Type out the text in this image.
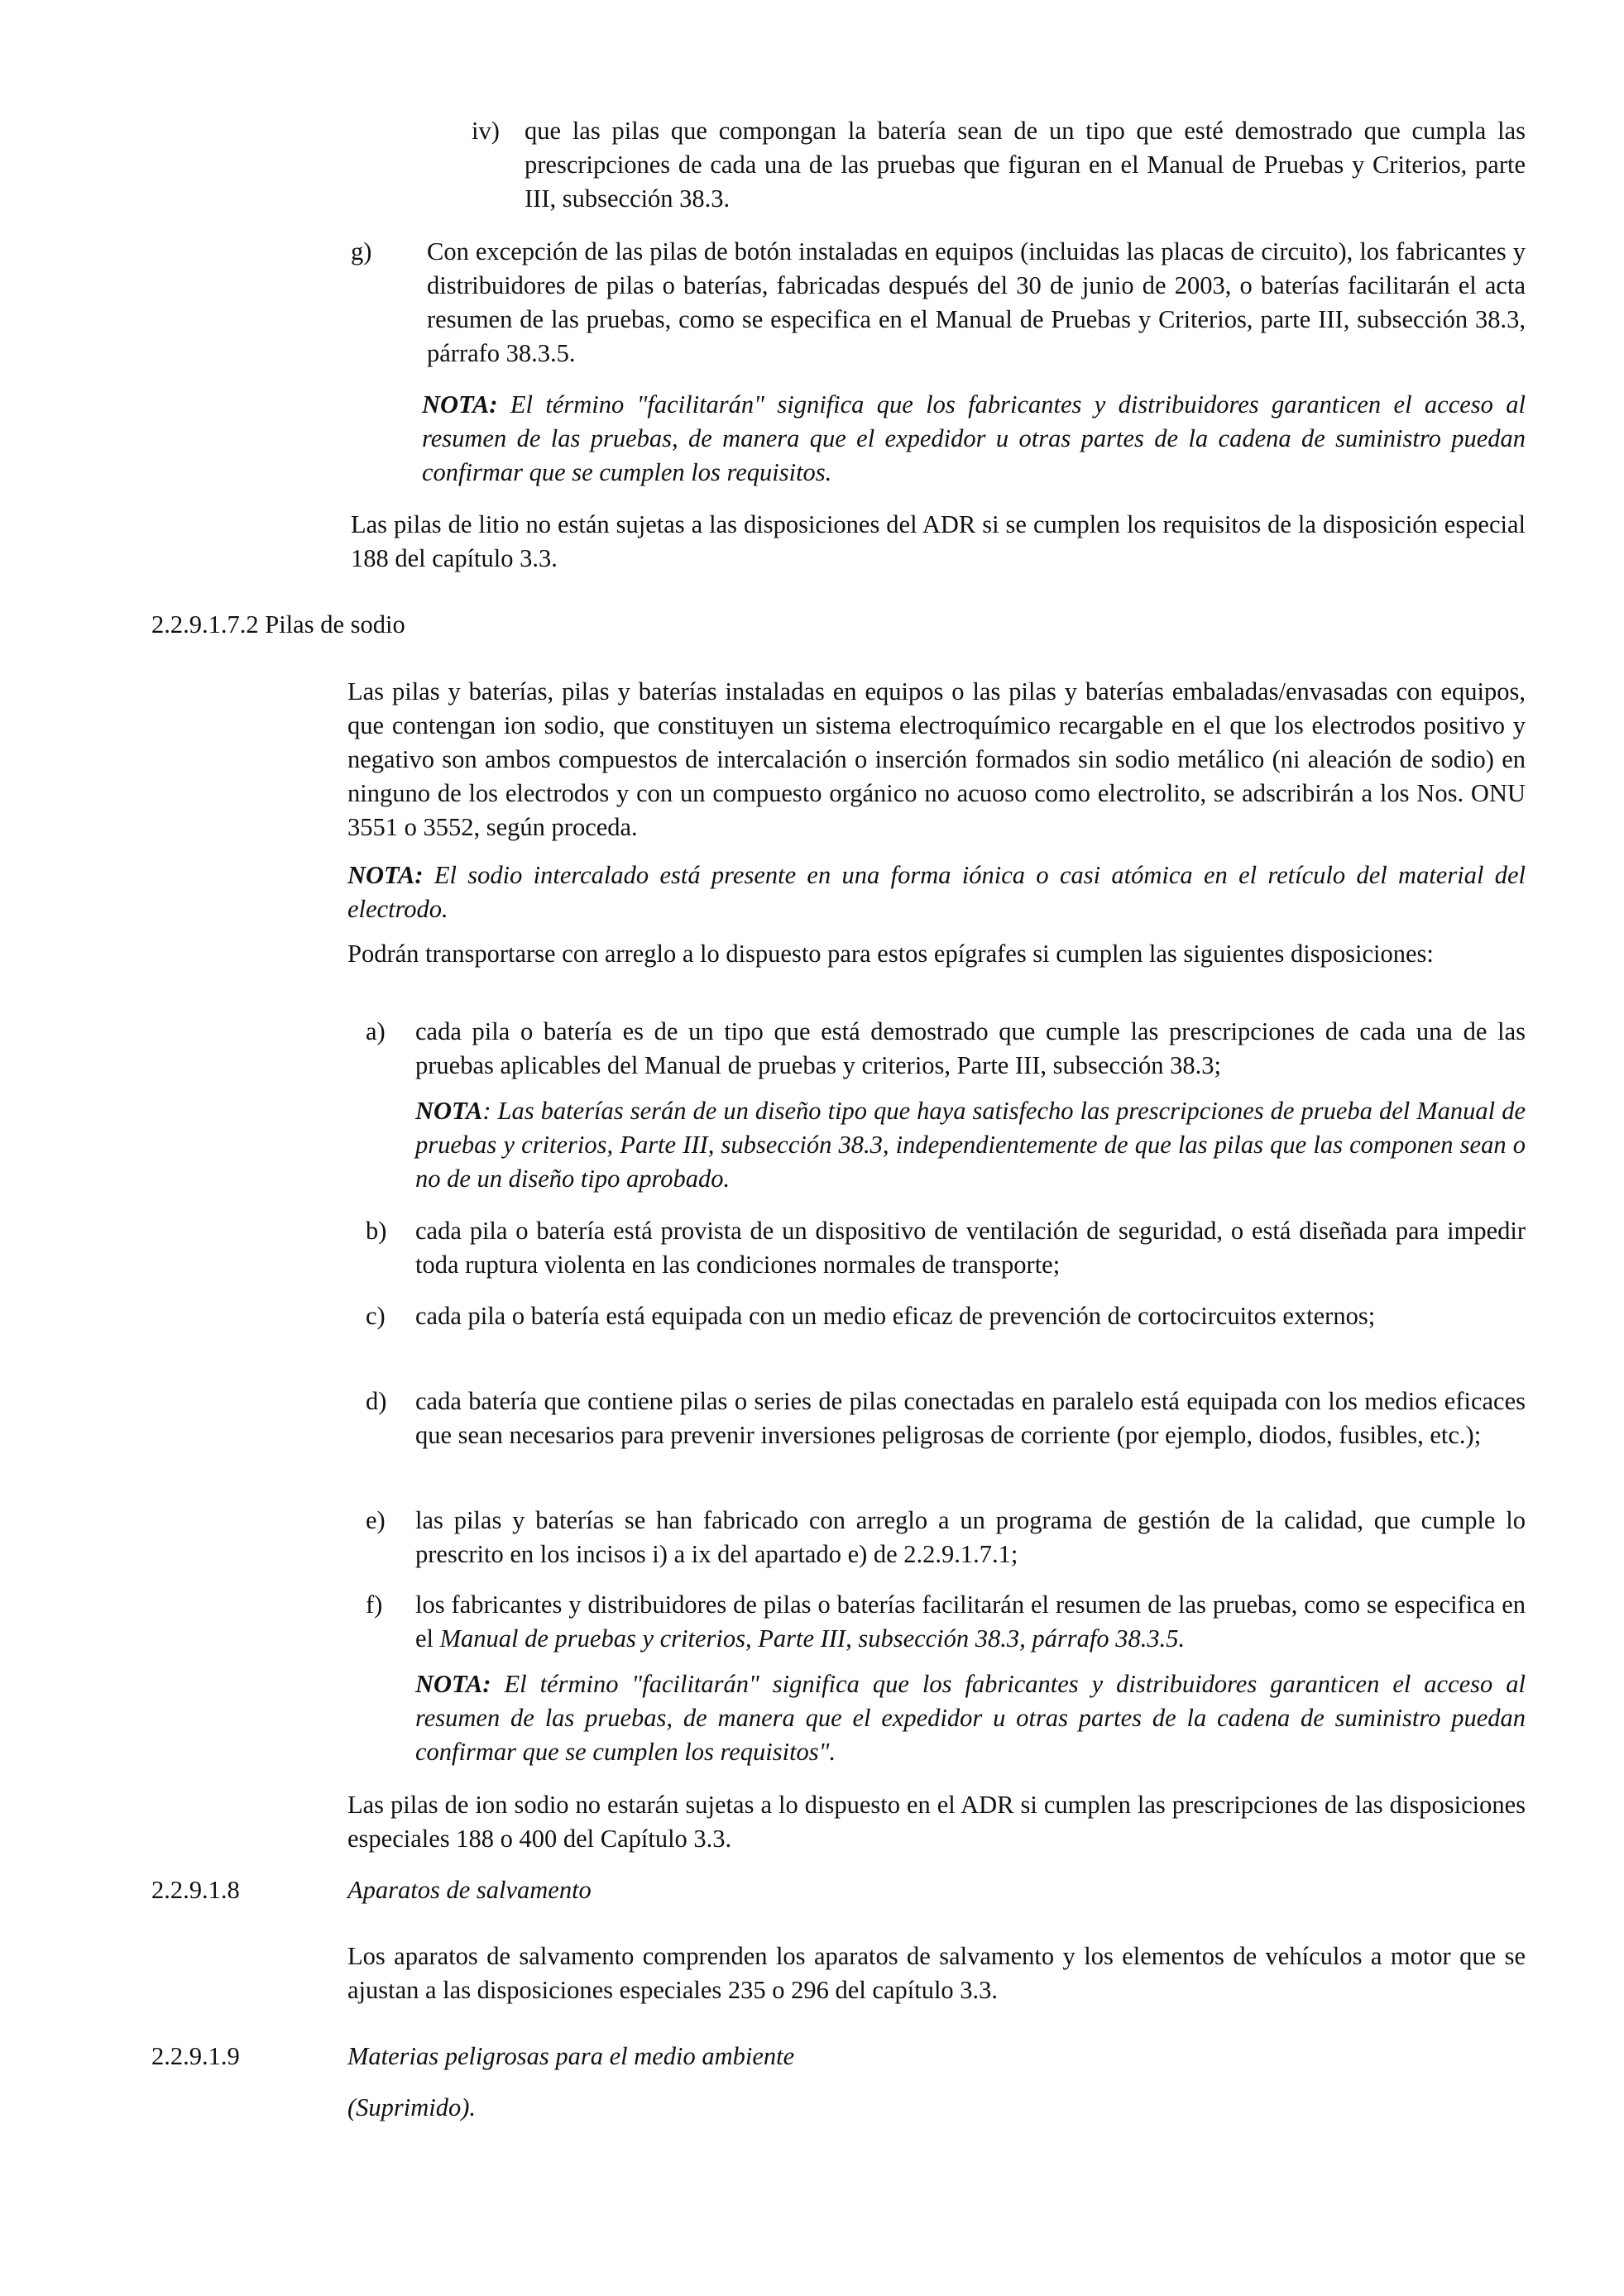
iv) que las pilas que compongan la batería sean de un tipo que esté demostrado que cumpla las prescripciones de cada una de las pruebas que figuran en el Manual de Pruebas y Criterios, parte III, subsección 38.3.
g) Con excepción de las pilas de botón instaladas en equipos (incluidas las placas de circuito), los fabricantes y distribuidores de pilas o baterías, fabricadas después del 30 de junio de 2003, o baterías facilitarán el acta resumen de las pruebas, como se especifica en el Manual de Pruebas y Criterios, parte III, subsección 38.3, párrafo 38.3.5.

NOTA: El término "facilitarán" significa que los fabricantes y distribuidores garanticen el acceso al resumen de las pruebas, de manera que el expedidor u otras partes de la cadena de suministro puedan confirmar que se cumplen los requisitos.

Las pilas de litio no están sujetas a las disposiciones del ADR si se cumplen los requisitos de la disposición especial 188 del capítulo 3.3.

2.2.9.1.7.2 Pilas de sodio

Las pilas y baterías, pilas y baterías instaladas en equipos o las pilas y baterías embaladas/envasadas con equipos, que contengan ion sodio, que constituyen un sistema electroquímico recargable en el que los electrodos positivo y negativo son ambos compuestos de intercalación o inserción formados sin sodio metálico (ni aleación de sodio) en ninguno de los electrodos y con un compuesto orgánico no acuoso como electrolito, se adscribirán a los Nos. ONU 3551 o 3552, según proceda.

NOTA: El sodio intercalado está presente en una forma iónica o casi atómica en el retículo del material del electrodo.

Podrán transportarse con arreglo a lo dispuesto para estos epígrafes si cumplen las siguientes disposiciones:

a) cada pila o batería es de un tipo que está demostrado que cumple las prescripciones de cada una de las pruebas aplicables del Manual de pruebas y criterios, Parte III, subsección 38.3;

NOTA: Las baterías serán de un diseño tipo que haya satisfecho las prescripciones de prueba del Manual de pruebas y criterios, Parte III, subsección 38.3, independientemente de que las pilas que las componen sean o no de un diseño tipo aprobado.

b) cada pila o batería está provista de un dispositivo de ventilación de seguridad, o está diseñada para impedir toda ruptura violenta en las condiciones normales de transporte;
c) cada pila o batería está equipada con un medio eficaz de prevención de cortocircuitos externos;
d) cada batería que contiene pilas o series de pilas conectadas en paralelo está equipada con los medios eficaces que sean necesarios para prevenir inversiones peligrosas de corriente (por ejemplo, diodos, fusibles, etc.);
e) las pilas y baterías se han fabricado con arreglo a un programa de gestión de la calidad, que cumple lo prescrito en los incisos i) a ix del apartado e) de 2.2.9.1.7.1;
f) los fabricantes y distribuidores de pilas o baterías facilitarán el resumen de las pruebas, como se especifica en el Manual de pruebas y criterios, Parte III, subsección 38.3, párrafo 38.3.5.

NOTA: El término "facilitarán" significa que los fabricantes y distribuidores garanticen el acceso al resumen de las pruebas, de manera que el expedidor u otras partes de la cadena de suministro puedan confirmar que se cumplen los requisitos".

Las pilas de ion sodio no estarán sujetas a lo dispuesto en el ADR si cumplen las prescripciones de las disposiciones especiales 188 o 400 del Capítulo 3.3.

2.2.9.1.8	Aparatos de salvamento

Los aparatos de salvamento comprenden los aparatos de salvamento y los elementos de vehículos a motor que se ajustan a las disposiciones especiales 235 o 296 del capítulo 3.3.

2.2.9.1.9	Materias peligrosas para el medio ambiente

(Suprimido).
